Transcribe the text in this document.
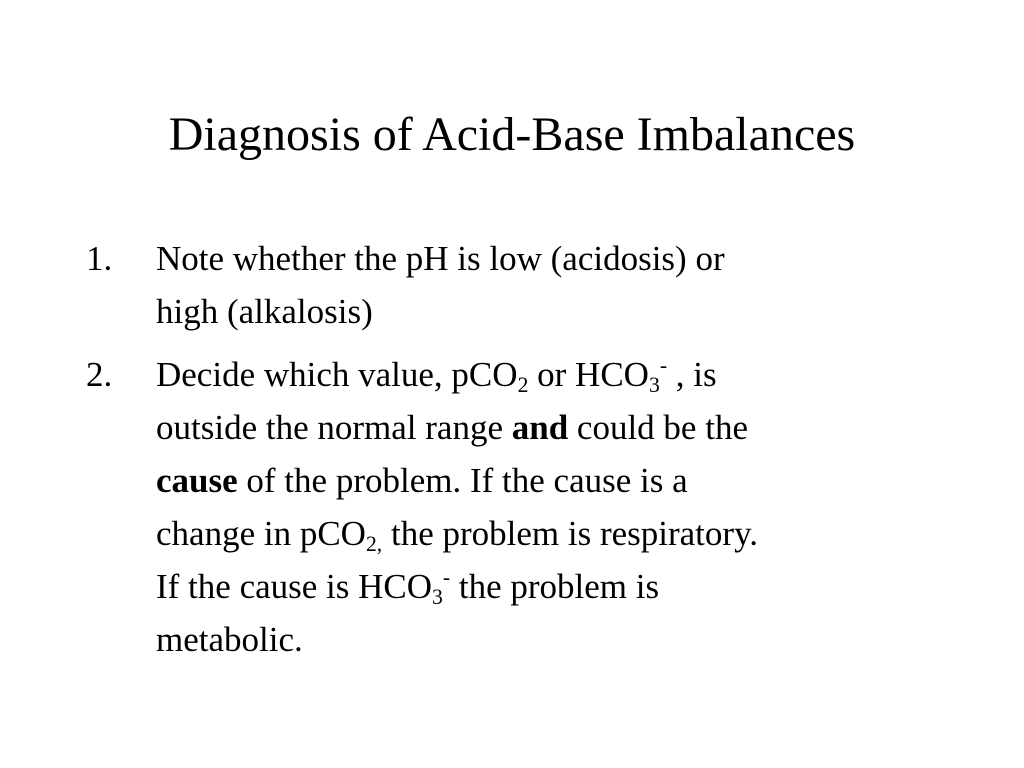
Diagnosis of Acid-Base Imbalances
1. Note whether the pH is low (acidosis) or
high (alkalosis)
2. Decide which value, pCO$_2$ or $HCO_3^-$ , is
outside the normal range and could be the
cause of the problem. If the cause is a
change in pCO$_{2,}$ the problem is respiratory.
If the cause is $HCO_3^-$ the problem is
metabolic.
